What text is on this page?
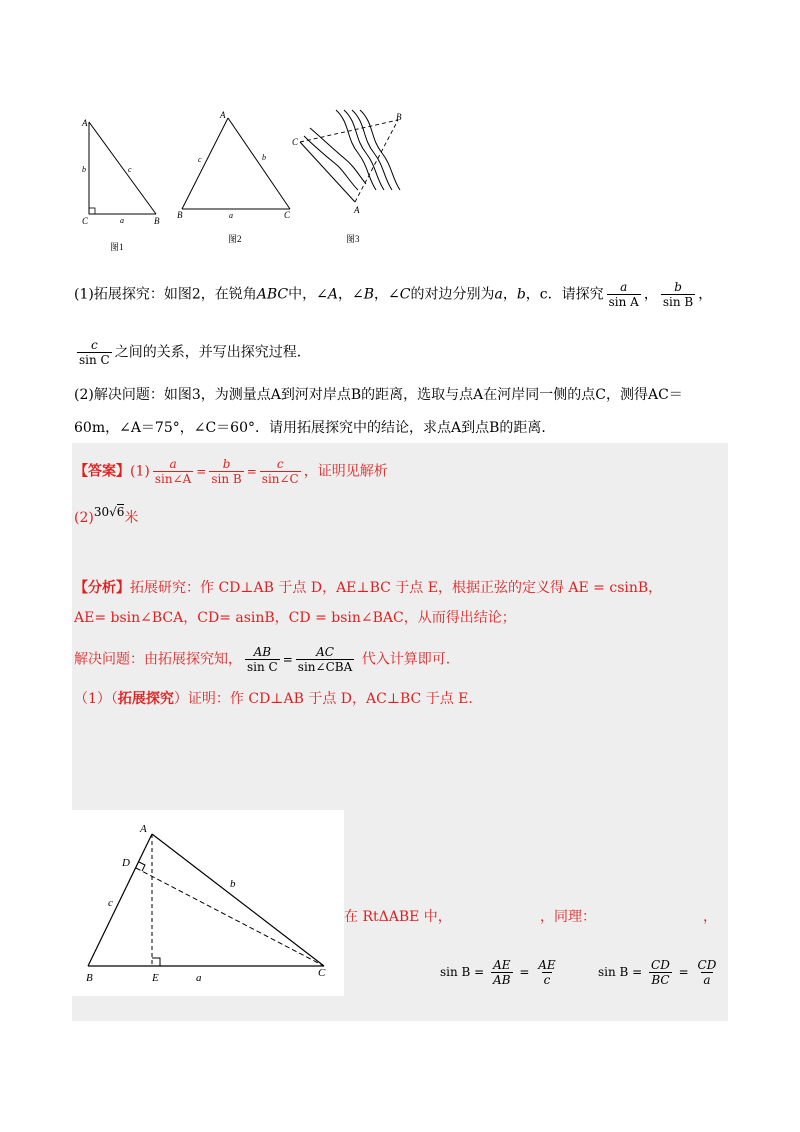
A
C	B
b	c
a
图1
A
B	C
c	b
a
图2
C
B
A
图3
(1)拓展探究：如图2，在锐角ABC中，∠A，∠B，∠C的对边分别为a，b，c．请探究 $\frac{a}{\text{sin A}}$ ， $\frac{b}{\text{sin B}}$ ，
$\frac{c}{\text{sin C}}$ 之间的关系，并写出探究过程．
(2)解决问题：如图3，为测量点A到河对岸点B的距离，选取与点A在河岸同一侧的点C，测得AC＝
60m，∠A＝75°，∠C＝60°．请用拓展探究中的结论，求点A到点B的距离．
【答案】$(1) \frac{a}{\sin\angle A} = \frac{b}{\text{sin B}} = \frac{c}{\sin\angle C}$ ，证明见解析
(2)30√6米
【分析】拓展研究：作 CD⊥AB 于点 D，AE⊥BC 于点 E，根据正弦的定义得 AE = csinB，
AE= bsin∠BCA，CD= asinB，CD = bsin∠BAC，从而得出结论；
解决问题：由拓展探究知， $\frac{AB}{\text{sin C}} = \frac{AC}{\text{sin∠CBA}}$ 代入计算即可.
（1）（拓展探究）证明：作 CD⊥AB 于点 D，AC⊥BC 于点 E.
A
D
B	E	C
a
c
b
在 RtΔABE 中，	，同理：	，
$\sin B = \frac{AE}{AB} = \frac{AE}{c}$	$\sin B = \frac{CD}{BC} = \frac{CD}{a}$
